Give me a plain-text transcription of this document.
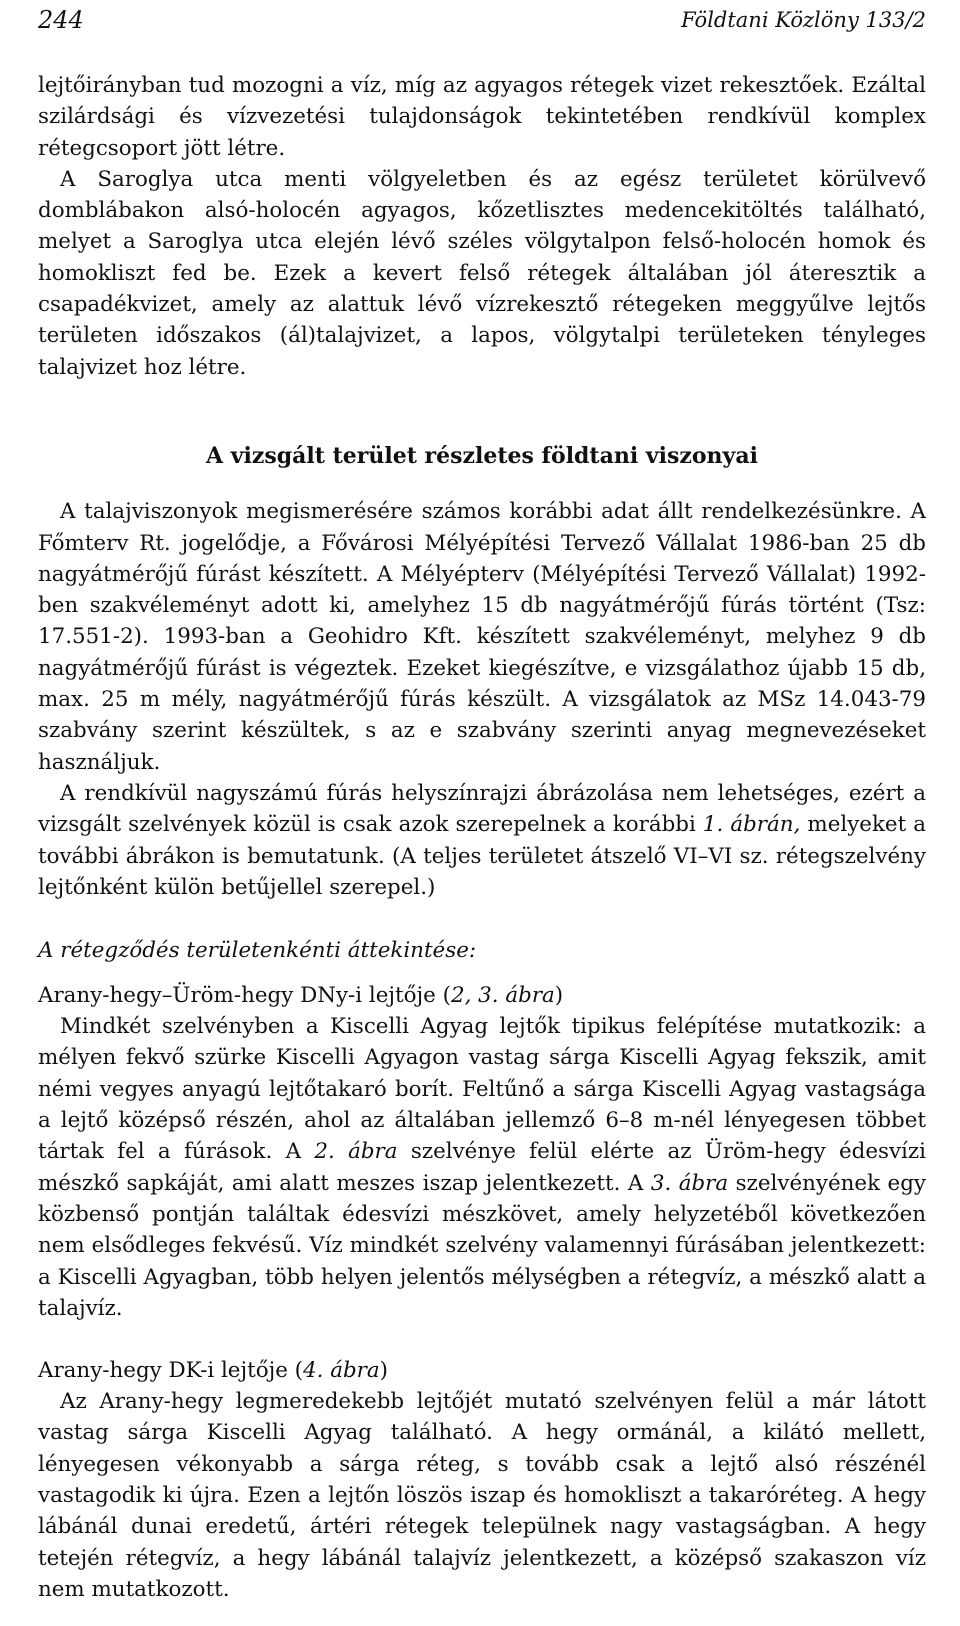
244	Földtani Közlöny 133/2

lejtőirányban tud mozogni a víz, míg az agyagos rétegek vizet rekesztőek. Ezáltal szilárdsági és vízvezetési tulajdonságok tekintetében rendkívül komplex rétegcsoport jött létre.

A Saroglya utca menti völgyeletben és az egész területet körülvevő domblábakon alsó-holocén agyagos, kőzetlisztes medencekitöltés található, melyet a Saroglya utca elején lévő széles völgytalpon felső-holocén homok és homokliszt fed be. Ezek a kevert felső rétegek általában jól áteresztik a csapadékvizet, amely az alattuk lévő vízrekesztő rétegeken meggyűlve lejtős területen időszakos (ál)talajvizet, a lapos, völgytalpi területeken tényleges talajvizet hoz létre.

A vizsgált terület részletes földtani viszonyai

A talajviszonyok megismerésére számos korábbi adat állt rendelkezésünkre. A Főmterv Rt. jogelődje, a Fővárosi Mélyépítési Tervező Vállalat 1986-ban 25 db nagyátmérőjű fúrást készített. A Mélyépterv (Mélyépítési Tervező Vállalat) 1992-ben szakvéleményt adott ki, amelyhez 15 db nagyátmérőjű fúrás történt (Tsz: 17.551-2). 1993-ban a Geohidro Kft. készített szakvéleményt, melyhez 9 db nagyátmérőjű fúrást is végeztek. Ezeket kiegészítve, e vizsgálathoz újabb 15 db, max. 25 m mély, nagyátmérőjű fúrás készült. A vizsgálatok az MSz 14.043-79 szabvány szerint készültek, s az e szabvány szerinti anyag megnevezéseket használjuk.

A rendkívül nagyszámú fúrás helyszínrajzi ábrázolása nem lehetséges, ezért a vizsgált szelvények közül is csak azok szerepelnek a korábbi 1. ábrán, melyeket a további ábrákon is bemutatunk. (A teljes területet átszelő VI–VI sz. rétegszelvény lejtőnként külön betűjellel szerepel.)

A rétegződés területenkénti áttekintése:
Arany-hegy–Üröm-hegy DNy-i lejtője (2, 3. ábra)

Mindkét szelvényben a Kiscelli Agyag lejtők tipikus felépítése mutatkozik: a mélyen fekvő szürke Kiscelli Agyagon vastag sárga Kiscelli Agyag fekszik, amit némi vegyes anyagú lejtőtakaró borít. Feltűnő a sárga Kiscelli Agyag vastagsága a lejtő középső részén, ahol az általában jellemző 6–8 m-nél lényegesen többet tártak fel a fúrások. A 2. ábra szelvénye felül elérte az Üröm-hegy édesvízi mészkő sapkáját, ami alatt meszes iszap jelentkezett. A 3. ábra szelvényének egy közbenső pontján találtak édesvízi mészkövet, amely helyzetéből következően nem elsődleges fekvésű. Víz mindkét szelvény valamennyi fúrásában jelentkezett: a Kiscelli Agyagban, több helyen jelentős mélységben a rétegvíz, a mészkő alatt a talajvíz.

Arany-hegy DK-i lejtője (4. ábra)

Az Arany-hegy legmeredekebb lejtőjét mutató szelvényen felül a már látott vastag sárga Kiscelli Agyag található. A hegy ormánál, a kilátó mellett, lényegesen vékonyabb a sárga réteg, s tovább csak a lejtő alsó részénél vastagodik ki újra. Ezen a lejtőn löszös iszap és homokliszt a takaróréteg. A hegy lábánál dunai eredetű, ártéri rétegek települnek nagy vastagságban. A hegy tetején rétegvíz, a hegy lábánál talajvíz jelentkezett, a középső szakaszon víz nem mutatkozott.
